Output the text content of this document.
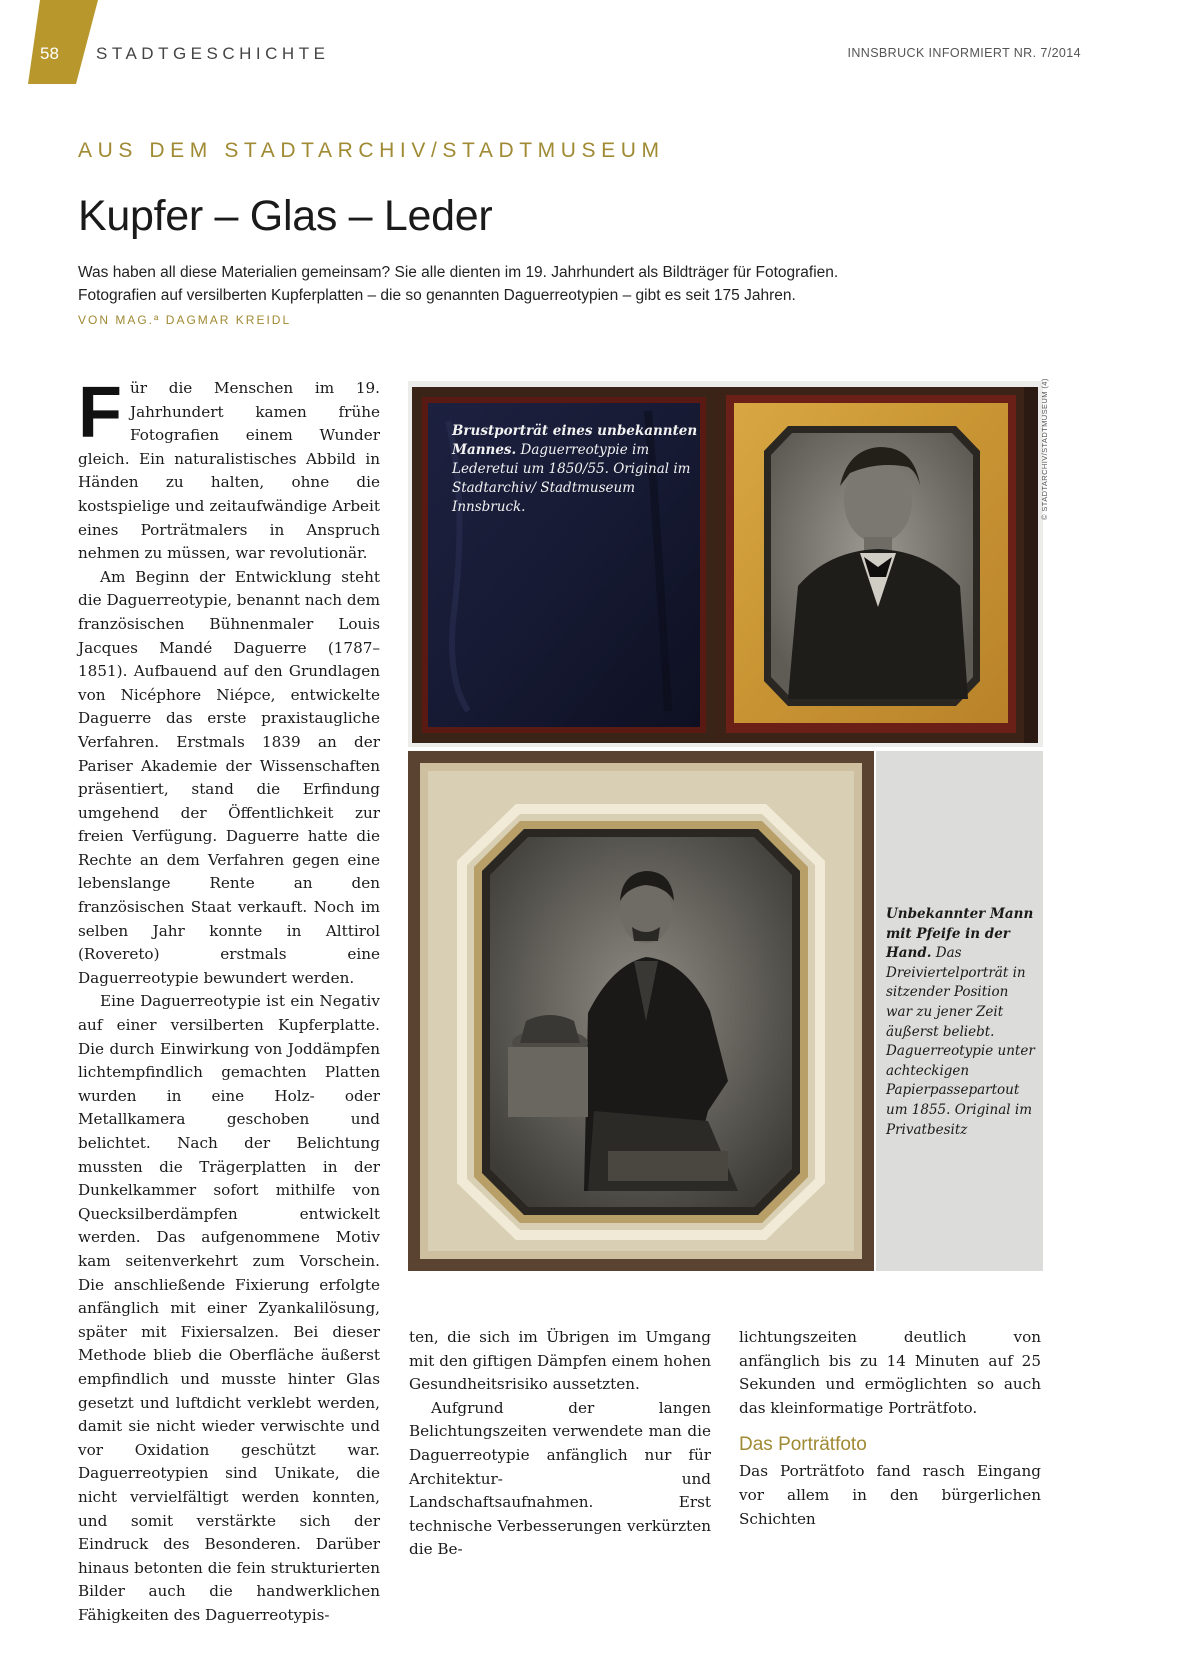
58 STADTGESCHICHTE	INNSBRUCK INFORMIERT NR. 7/2014
AUS DEM STADTARCHIV/STADTMUSEUM
Kupfer – Glas – Leder
Was haben all diese Materialien gemeinsam? Sie alle dienten im 19. Jahrhundert als Bildträger für Fotografien.
Fotografien auf versilberten Kupferplatten – die so genannten Daguerreotypien – gibt es seit 175 Jahren.
VON MAG.ª DAGMAR KREIDL

Für die Menschen im 19. Jahrhundert kamen frühe Fotografien einem Wunder gleich. Ein naturalistisches Abbild in Händen zu halten, ohne die kostspielige und zeitaufwändige Arbeit eines Porträtmalers in Anspruch nehmen zu müssen, war revolutionär.

Am Beginn der Entwicklung steht die Daguerreotypie, benannt nach dem französischen Bühnenmaler Louis Jacques Mandé Daguerre (1787–1851). Aufbauend auf den Grundlagen von Nicéphore Niépce, entwickelte Daguerre das erste praxistaugliche Verfahren. Erstmals 1839 an der Pariser Akademie der Wissenschaften präsentiert, stand die Erfindung umgehend der Öffentlichkeit zur freien Verfügung. Daguerre hatte die Rechte an dem Verfahren gegen eine lebenslange Rente an den französischen Staat verkauft. Noch im selben Jahr konnte in Alttirol (Rovereto) erstmals eine Daguerreotypie bewundert werden.

Eine Daguerreotypie ist ein Negativ auf einer versilberten Kupferplatte. Die durch Einwirkung von Joddämpfen lichtempfindlich gemachten Platten wurden in eine Holz- oder Metallkamera geschoben und belichtet. Nach der Belichtung mussten die Trägerplatten in der Dunkelkammer sofort mithilfe von Quecksilberdämpfen entwickelt werden. Das aufgenommene Motiv kam seitenverkehrt zum Vorschein. Die anschließende Fixierung erfolgte anfänglich mit einer Zyankalilösung, später mit Fixiersalzen. Bei dieser Methode blieb die Oberfläche äußerst empfindlich und musste hinter Glas gesetzt und luftdicht verklebt werden, damit sie nicht wieder verwischte und vor Oxidation geschützt war. Daguerreotypien sind Unikate, die nicht vervielfältigt werden konnten, und somit verstärkte sich der Eindruck des Besonderen. Darüber hinaus betonten die fein strukturierten Bilder auch die handwerklichen Fähigkeiten des Daguerreotypis-

Brustporträt eines unbekannten Mannes. Daguerreotypie im Lederetui um 1850/55. Original im Stadtarchiv/ Stadtmuseum Innsbruck.	© STADTARCHIV/STADTMUSEUM (4)
Unbekannter Mann mit Pfeife in der Hand. Das Dreiviertelporträt in sitzender Position war zu jener Zeit äußerst beliebt. Daguerreotypie unter achteckigen Papierpassepartout um 1855. Original im Privatbesitz

ten, die sich im Übrigen im Umgang mit den giftigen Dämpfen einem hohen Gesundheitsrisiko aussetzten.

Aufgrund der langen Belichtungszeiten verwendete man die Daguerreotypie anfänglich nur für Architektur- und Landschaftsaufnahmen. Erst technische Verbesserungen verkürzten die Be-

lichtungszeiten deutlich von anfänglich bis zu 14 Minuten auf 25 Sekunden und ermöglichten so auch das kleinformatige Porträtfoto.

Das Porträtfoto

Das Porträtfoto fand rasch Eingang vor allem in den bürgerlichen Schichten
